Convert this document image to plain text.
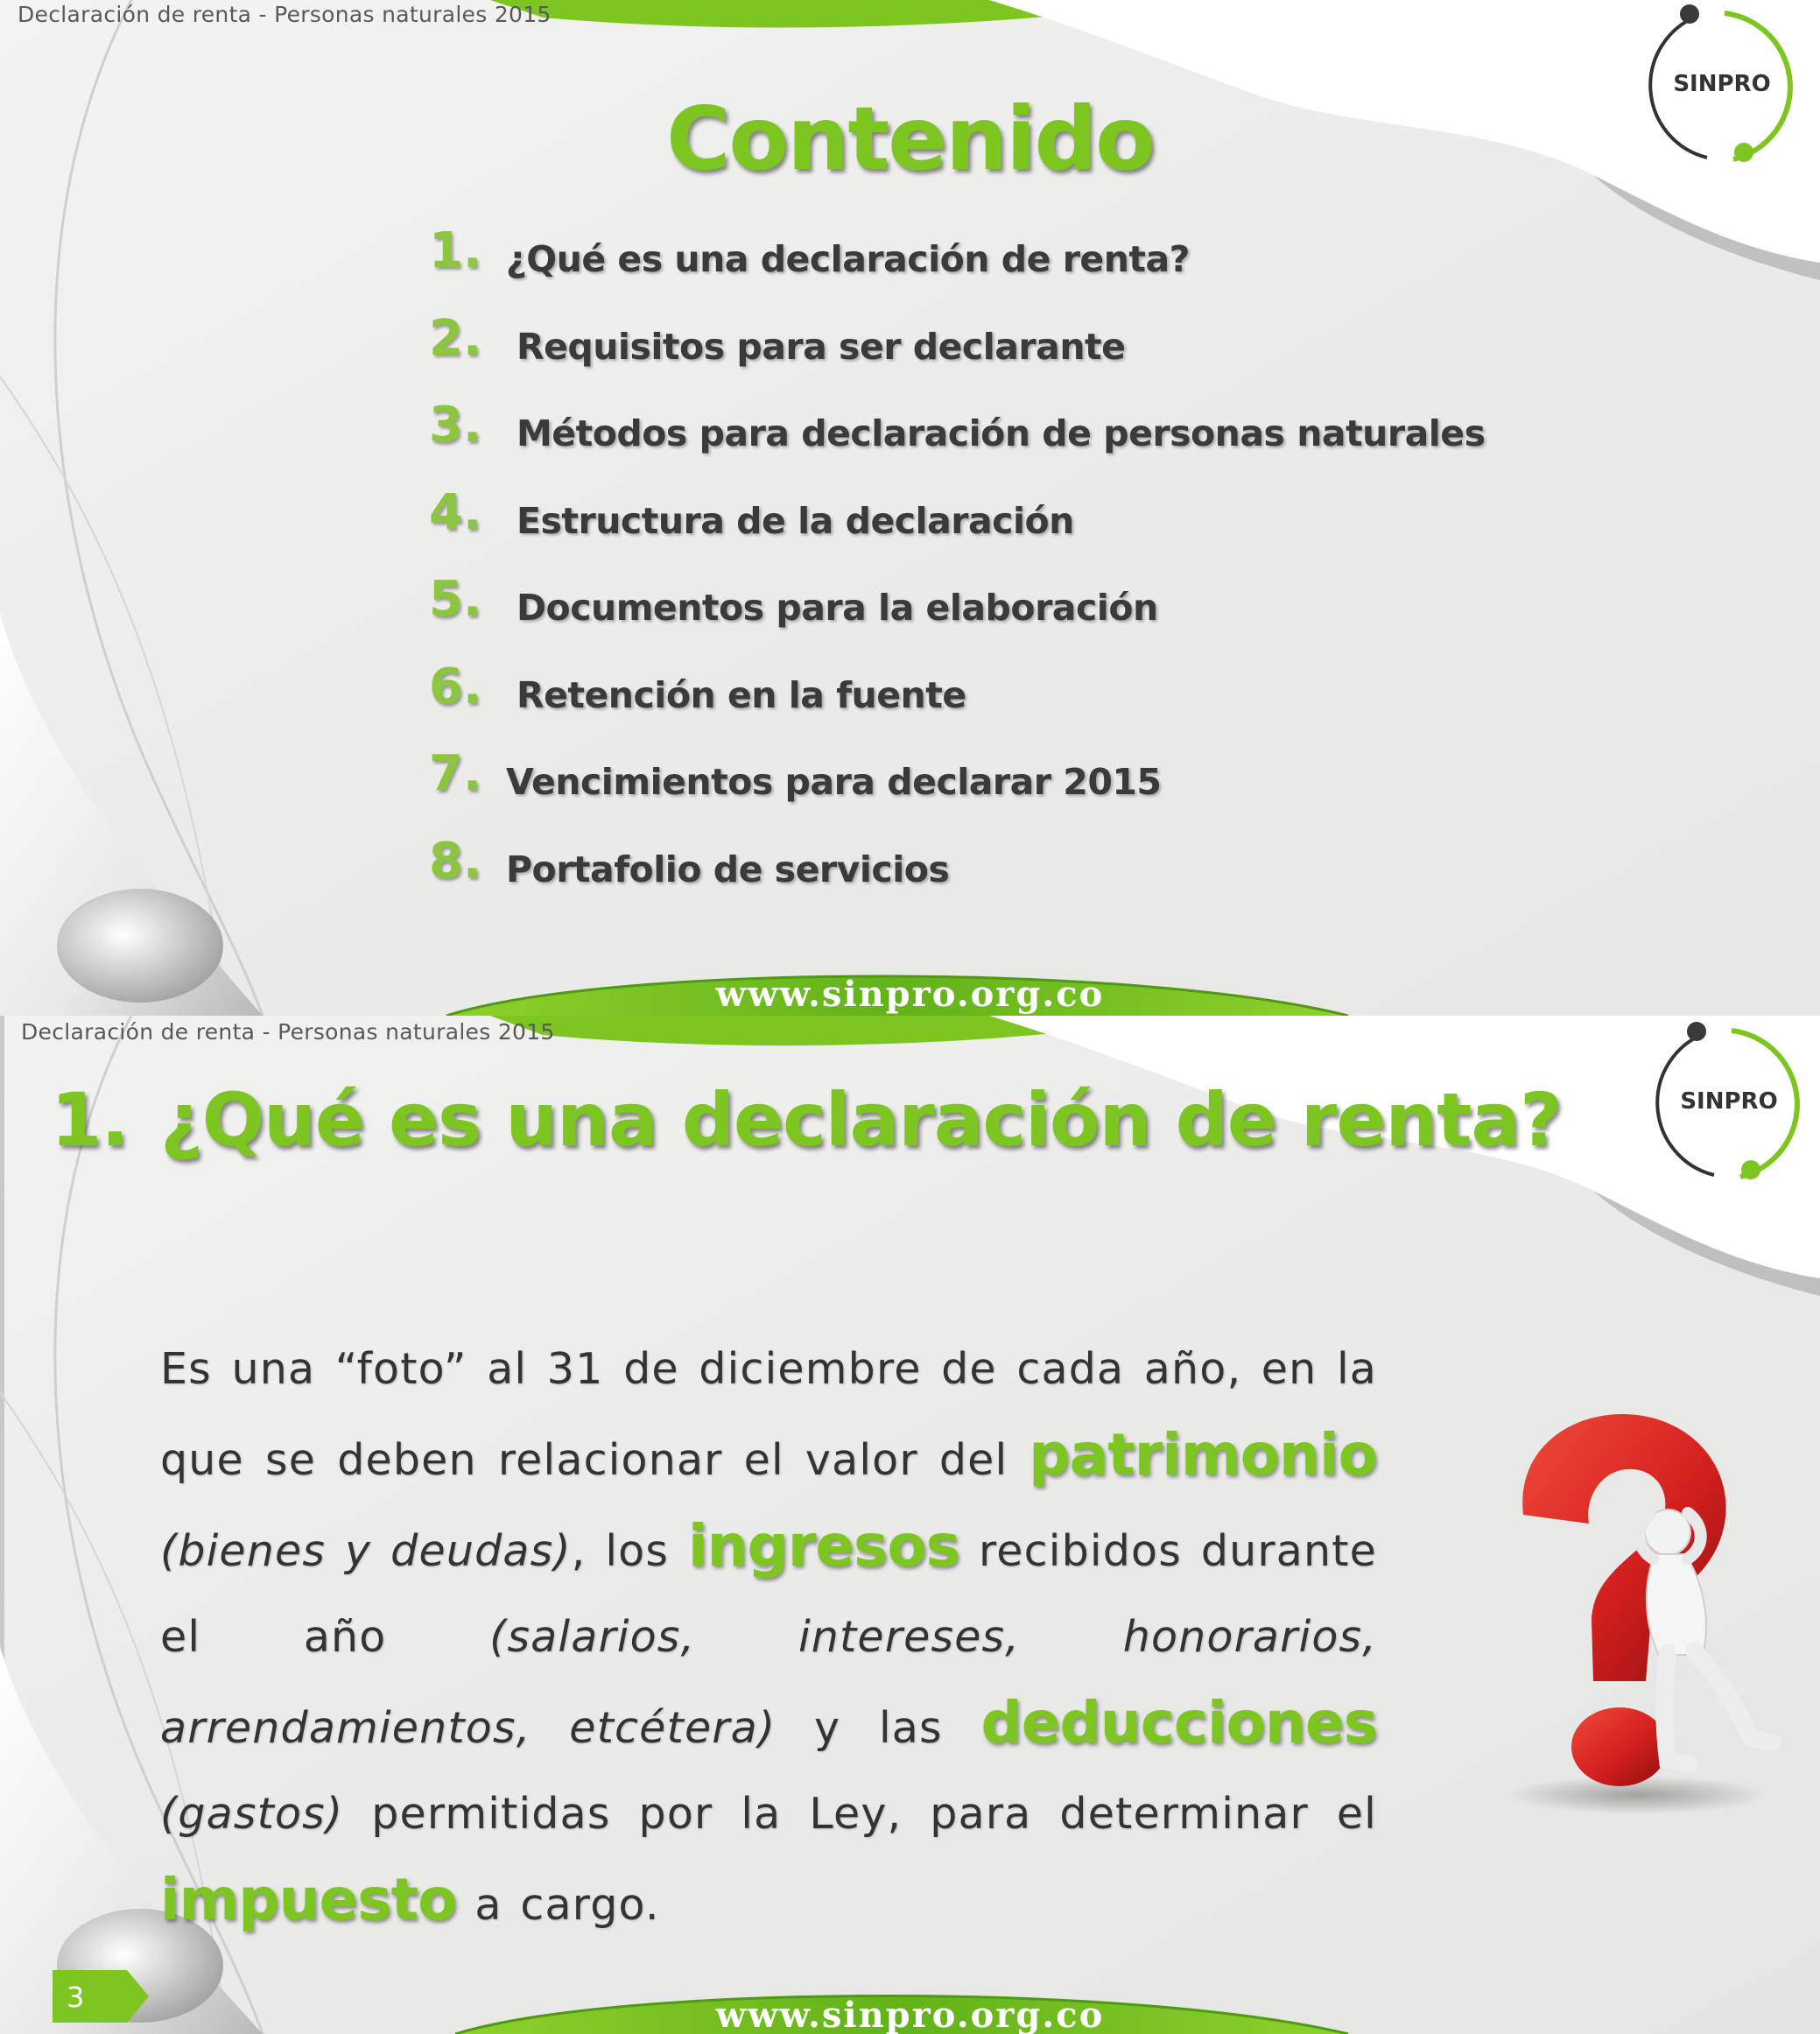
Declaración de renta - Personas naturales 2015
SINPRO
Contenido
1. ¿Qué es una declaración de renta?
2. Requisitos para ser declarante
3. Métodos para declaración de personas naturales
4. Estructura de la declaración
5. Documentos para la elaboración
6. Retención en la fuente
7. Vencimientos para declarar 2015
8. Portafolio de servicios
www.sinpro.org.co
Declaración de renta - Personas naturales 2015
SINPRO
1. ¿Qué es una declaración de renta?
Es una “foto” al 31 de diciembre de cada año, en la que se deben relacionar el valor del patrimonio (bienes y deudas), los ingresos recibidos durante el año (salarios, intereses, honorarios, arrendamientos, etcétera) y las deducciones (gastos) permitidas por la Ley, para determinar el impuesto a cargo.
3	www.sinpro.org.co
